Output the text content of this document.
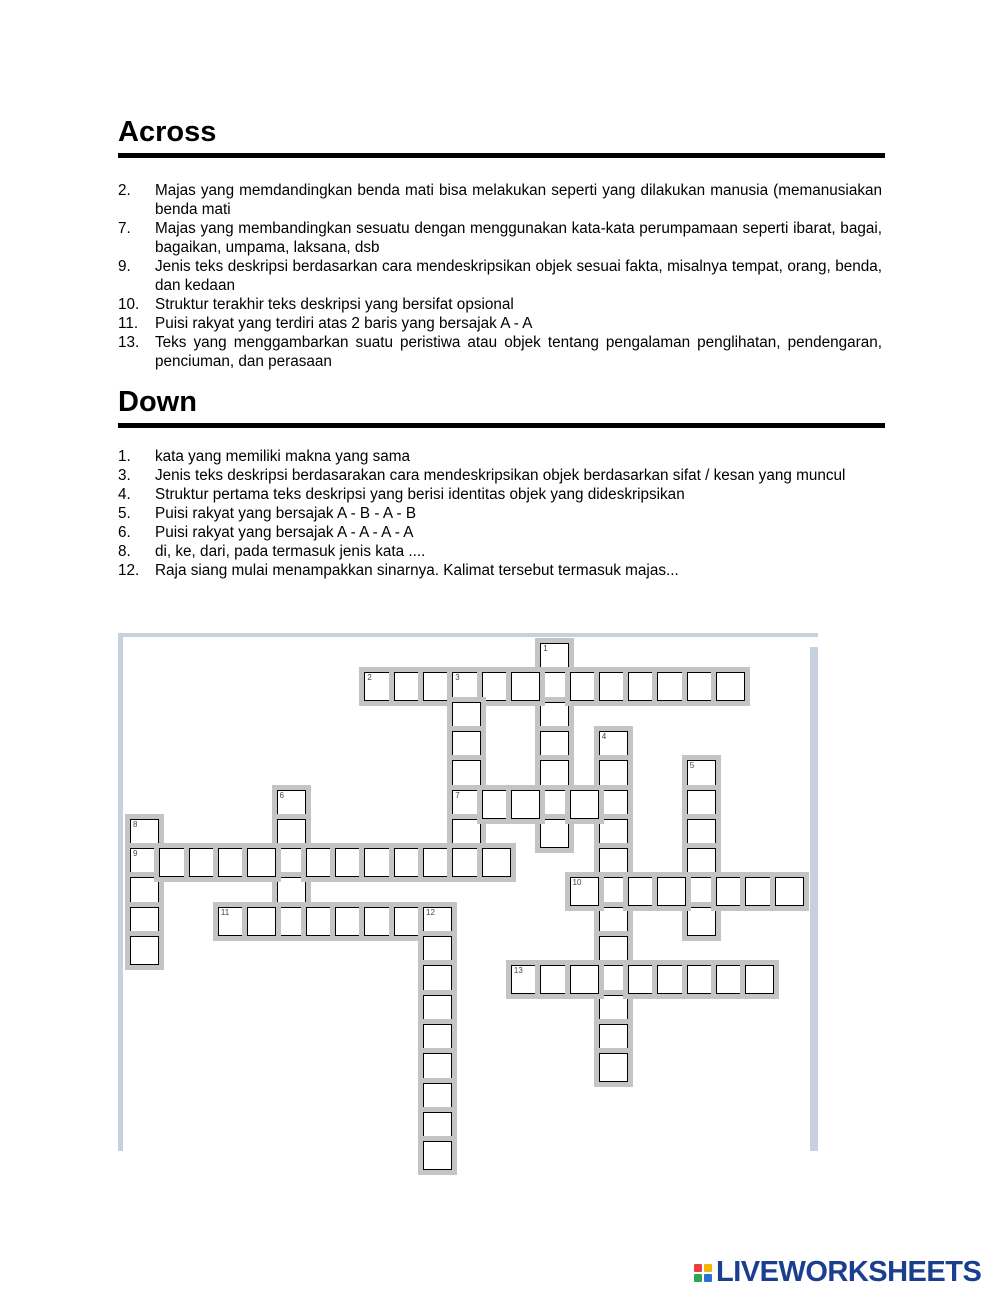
Across
2.	Majas yang memdandingkan benda mati bisa melakukan seperti yang dilakukan manusia (memanusiakan benda mati
7.	Majas yang membandingkan sesuatu dengan menggunakan kata-kata perumpamaan seperti ibarat, bagai, bagaikan, umpama, laksana, dsb
9.	Jenis teks deskripsi berdasarkan cara mendeskripsikan objek sesuai fakta, misalnya tempat, orang, benda, dan kedaan
10.	Struktur terakhir teks deskripsi yang bersifat opsional
11.	Puisi rakyat yang terdiri atas 2 baris yang bersajak A - A
13.	Teks yang menggambarkan suatu peristiwa atau objek tentang pengalaman penglihatan, pendengaran, penciuman, dan perasaan
Down
1.	kata yang memiliki makna yang sama
3.	Jenis teks deskripsi berdasarakan cara mendeskripsikan objek berdasarkan sifat / kesan yang muncul
4.	Struktur pertama teks deskripsi yang berisi identitas objek yang dideskripsikan
5.	Puisi rakyat yang bersajak A - B - A - B
6.	Puisi rakyat yang bersajak A - A - A - A
8.	di, ke, dari, pada termasuk jenis kata ....
12.	Raja siang mulai menampakkan sinarnya. Kalimat tersebut termasuk majas...
1
2	3
7
4
5
6
8
9
10
11	12
13
LIVEWORKSHEETS
